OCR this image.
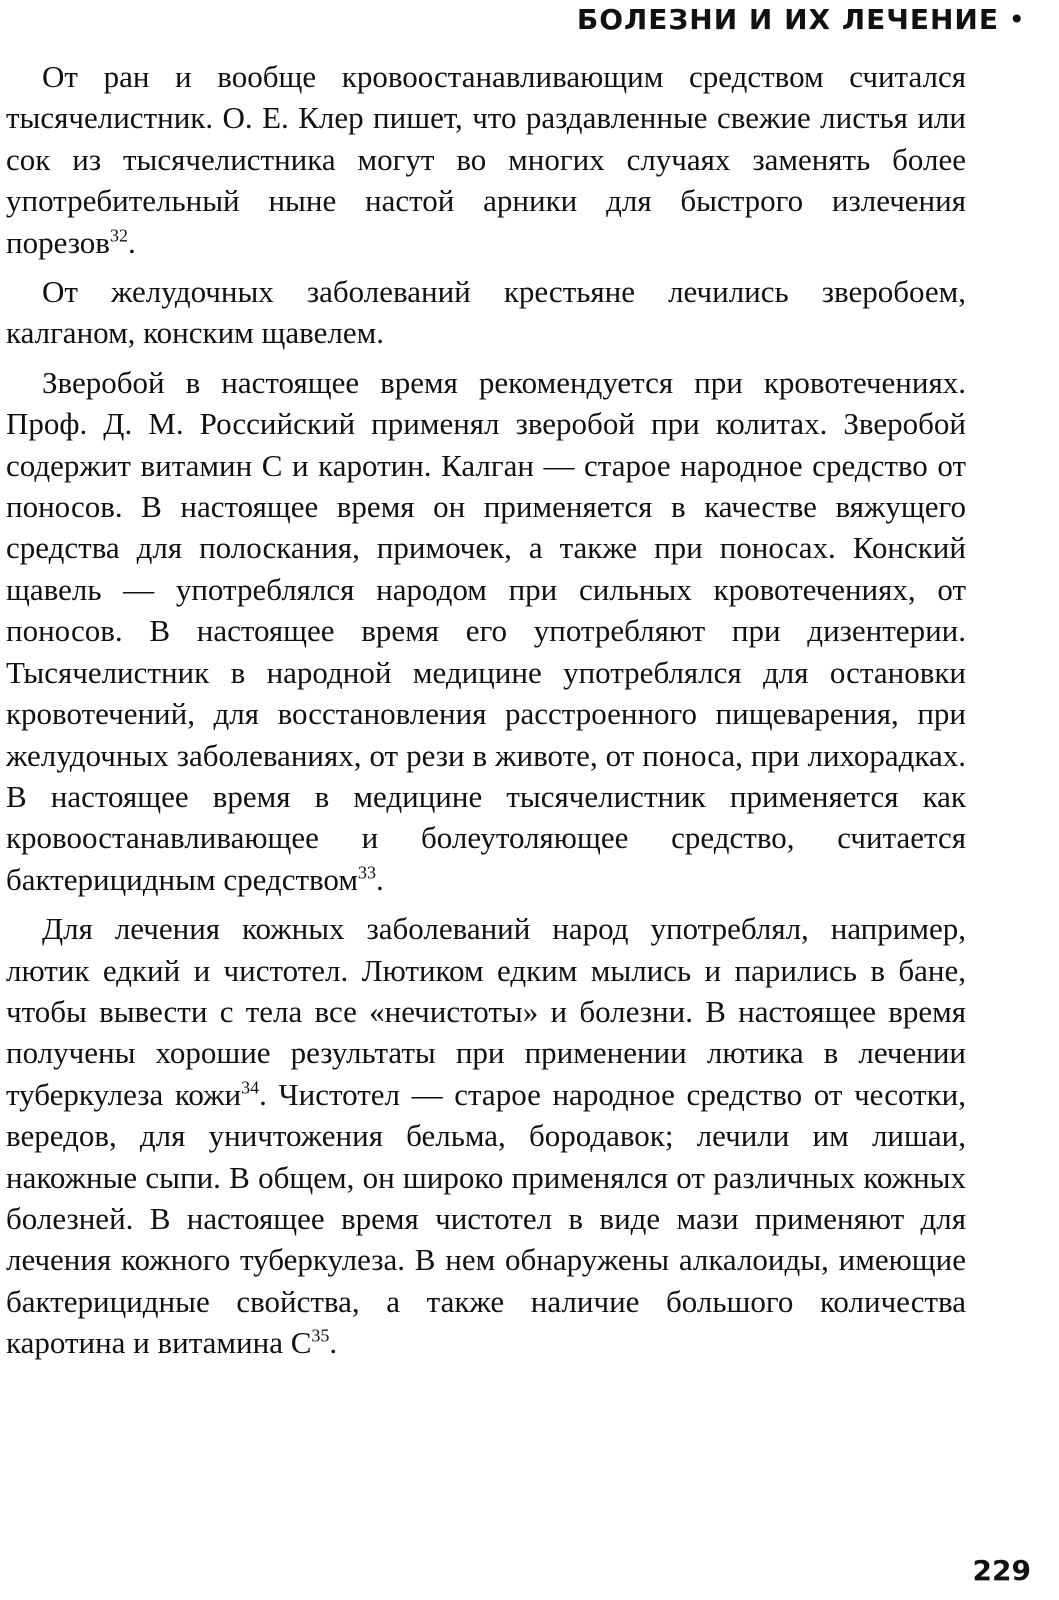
БОЛЕЗНИ И ИХ ЛЕЧЕНИЕ •

От ран и вообще кровоостанавливающим средством считался тысячелистник. О. Е. Клер пишет, что раздавленные свежие листья или сок из тысячелистника могут во многих случаях заменять более употребительный ныне настой арники для быстрого излечения порезов$^{32}$.

От желудочных заболеваний крестьяне лечились зверобоем, калганом, конским щавелем.

Зверобой в настоящее время рекомендуется при кровотечениях. Проф. Д. М. Российский применял зверобой при колитах. Зверобой содержит витамин С и каротин. Калган — старое народное средство от поносов. В настоящее время он применяется в качестве вяжущего средства для полоскания, примочек, а также при поносах. Конский щавель — употреблялся народом при сильных кровотечениях, от поносов. В настоящее время его употребляют при дизентерии. Тысячелистник в народной медицине употреблялся для остановки кровотечений, для восстановления расстроенного пищеварения, при желудочных заболеваниях, от рези в животе, от поноса, при лихорадках. В настоящее время в медицине тысячелистник применяется как кровоостанавливающее и болеутоляющее средство, считается бактерицидным средством$^{33}$.

Для лечения кожных заболеваний народ употреблял, например, лютик едкий и чистотел. Лютиком едким мылись и парились в бане, чтобы вывести с тела все «нечистоты» и болезни. В настоящее время получены хорошие результаты при применении лютика в лечении туберкулеза кожи$^{34}$. Чистотел — старое народное средство от чесотки, вередов, для уничтожения бельма, бородавок; лечили им лишаи, накожные сыпи. В общем, он широко применялся от различных кожных болезней. В настоящее время чистотел в виде мази применяют для лечения кожного туберкулеза. В нем обнаружены алкалоиды, имеющие бактерицидные свойства, а также наличие большого количества каротина и витамина $С^{35}$.

229
